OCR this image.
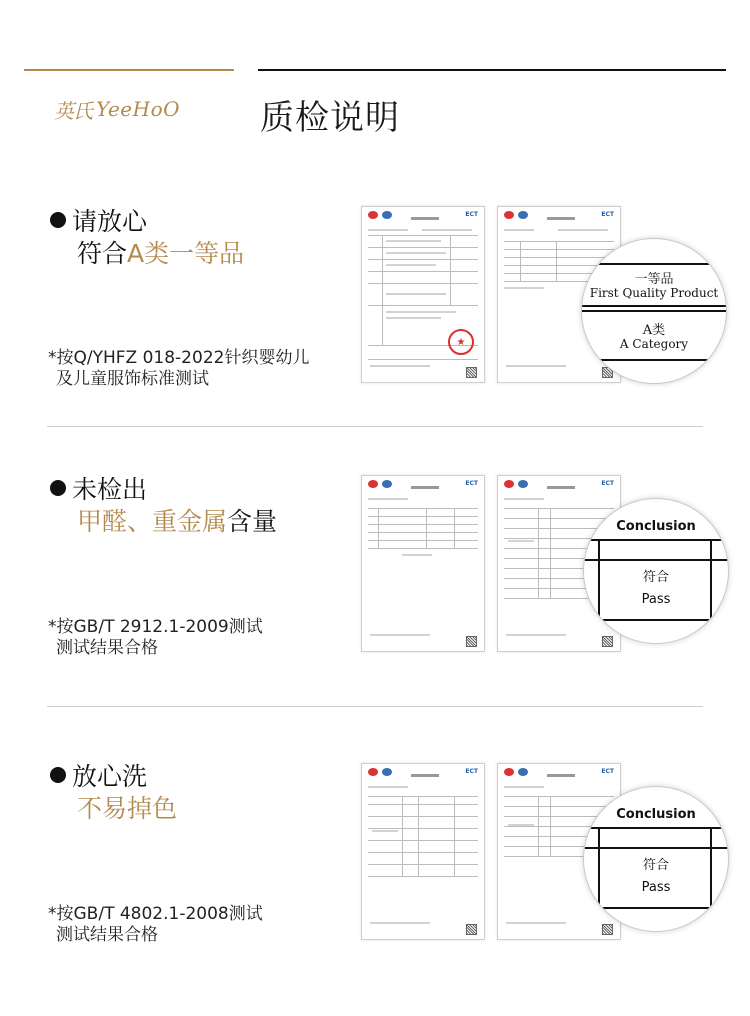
英氏 YeeHoO 质检说明
请放心
符合A类一等品
*按Q/YHFZ 018-2022针织婴幼儿
及儿童服饰标准测试
ECT
★
ECT
一等品
First Quality Product
A类
A Category
未检出
甲醛、重金属含量
*按GB/T 2912.1-2009测试
测试结果合格
ECT	ECT
Conclusion
符合
Pass
放心洗
不易掉色
*按GB/T 4802.1-2008测试
测试结果合格
ECT	ECT
Conclusion
符合
Pass
